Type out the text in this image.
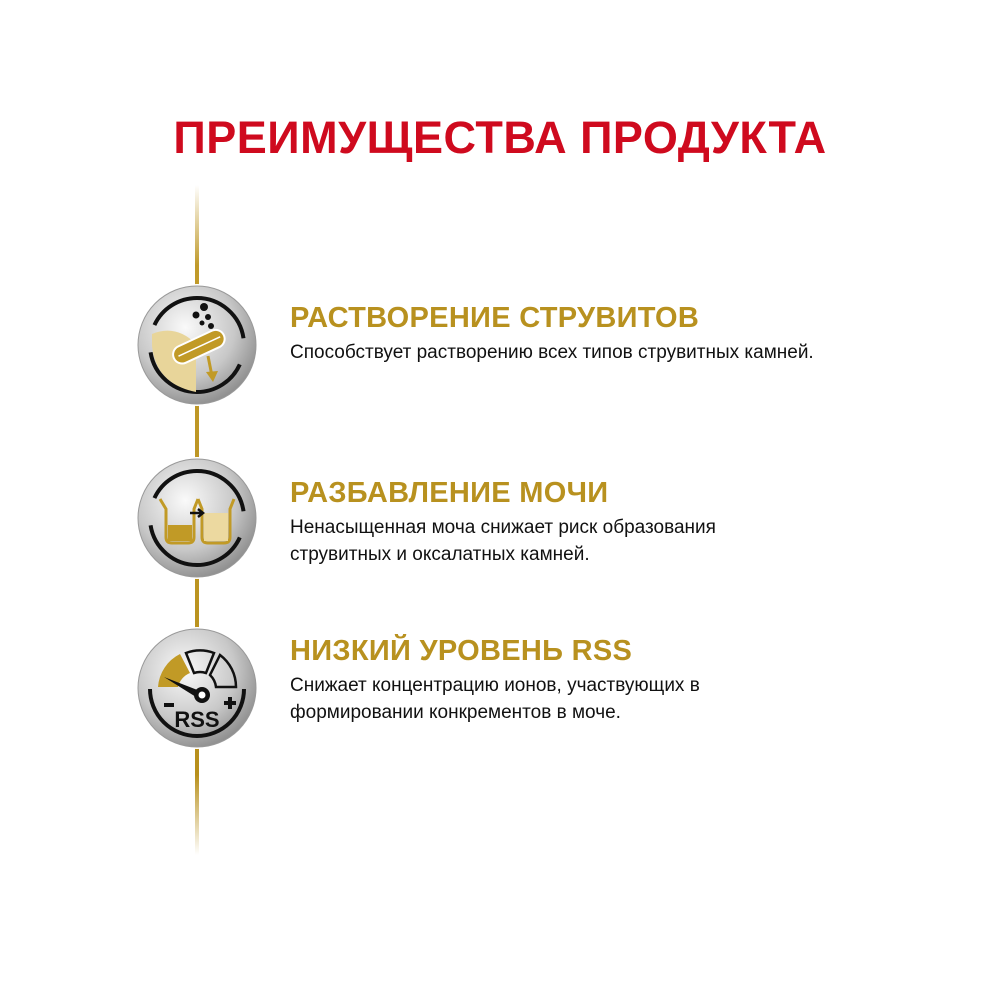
ПРЕИМУЩЕСТВА ПРОДУКТА
RSS
РАСТВОРЕНИЕ СТРУВИТОВ

Способствует растворению всех типов струвитных камней.

РАЗБАВЛЕНИЕ МОЧИ

Ненасыщенная моча снижает риск образования струвитных и оксалатных камней.

НИЗКИЙ УРОВЕНЬ RSS

Снижает концентрацию ионов, участвующих в формировании конкрементов в моче.
